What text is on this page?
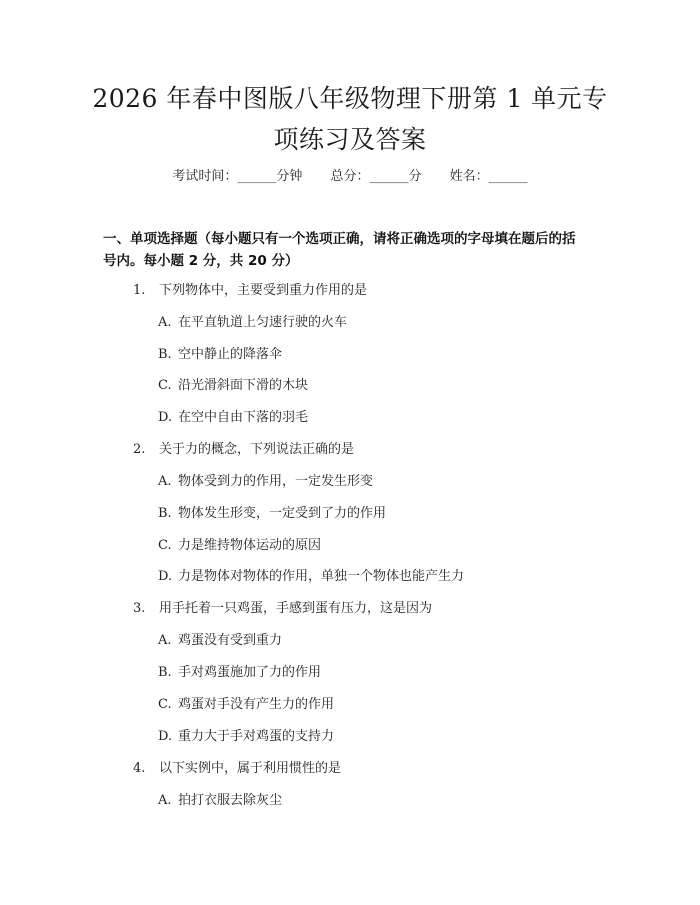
2026 年春中图版八年级物理下册第 1 单元专
项练习及答案
考试时间：______分钟 总分：______分 姓名：______
一、单项选择题（每小题只有一个选项正确，请将正确选项的字母填在题后的括
号内。每小题 2 分，共 20 分）
1. 下列物体中，主要受到重力作用的是
A. 在平直轨道上匀速行驶的火车
B. 空中静止的降落伞
C. 沿光滑斜面下滑的木块
D. 在空中自由下落的羽毛
2. 关于力的概念，下列说法正确的是
A. 物体受到力的作用，一定发生形变
B. 物体发生形变，一定受到了力的作用
C. 力是维持物体运动的原因
D. 力是物体对物体的作用，单独一个物体也能产生力
3. 用手托着一只鸡蛋，手感到蛋有压力，这是因为
A. 鸡蛋没有受到重力
B. 手对鸡蛋施加了力的作用
C. 鸡蛋对手没有产生力的作用
D. 重力大于手对鸡蛋的支持力
4. 以下实例中，属于利用惯性的是
A. 拍打衣服去除灰尘
